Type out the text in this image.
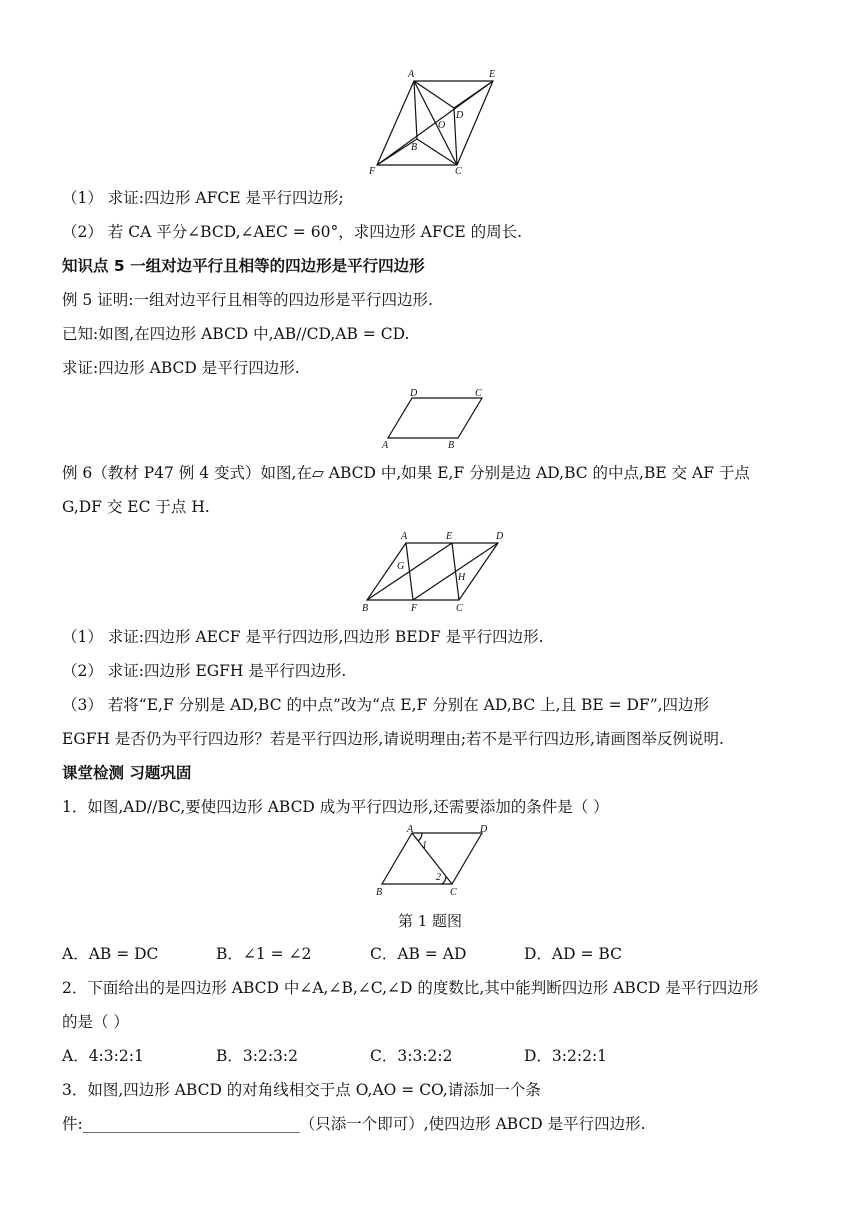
A	E
D
O
B
F	C
（1） 求证:四边形 AFCE 是平行四边形;
（2） 若 CA 平分∠BCD,∠AEC = 60°，求四边形 AFCE 的周长.
知识点 5 一组对边平行且相等的四边形是平行四边形
例 5 证明:一组对边平行且相等的四边形是平行四边形.
已知:如图,在四边形 ABCD 中,AB//CD,AB = CD.
求证:四边形 ABCD 是平行四边形.
D	C
A	B
例 6（教材 P47 例 4 变式）如图,在▱ ABCD 中,如果 E,F 分别是边 AD,BC 的中点,BE 交 AF 于点
G,DF 交 EC 于点 H.
A	E	D
G
H
B	F	C
（1） 求证:四边形 AECF 是平行四边形,四边形 BEDF 是平行四边形.
（2） 求证:四边形 EGFH 是平行四边形.
（3） 若将“E,F 分别是 AD,BC 的中点”改为“点 E,F 分别在 AD,BC 上,且 BE = DF”,四边形
EGFH 是否仍为平行四边形？若是平行四边形,请说明理由;若不是平行四边形,请画图举反例说明.
课堂检测 习题巩固
1．如图,AD//BC,要使四边形 ABCD 成为平行四边形,还需要添加的条件是（ ）
A	D
1
2
B	C
第 1 题图
A．AB = DC	B．∠1 = ∠2	C．AB = AD	D．AD = BC
2．下面给出的是四边形 ABCD 中∠A,∠B,∠C,∠D 的度数比,其中能判断四边形 ABCD 是平行四边形
的是（ ）
A．4:3:2:1	B．3:2:3:2	C．3:3:2:2	D．3:2:2:1
3．如图,四边形 ABCD 的对角线相交于点 O,AO = CO,请添加一个条
件:____________________________（只添一个即可）,使四边形 ABCD 是平行四边形.
